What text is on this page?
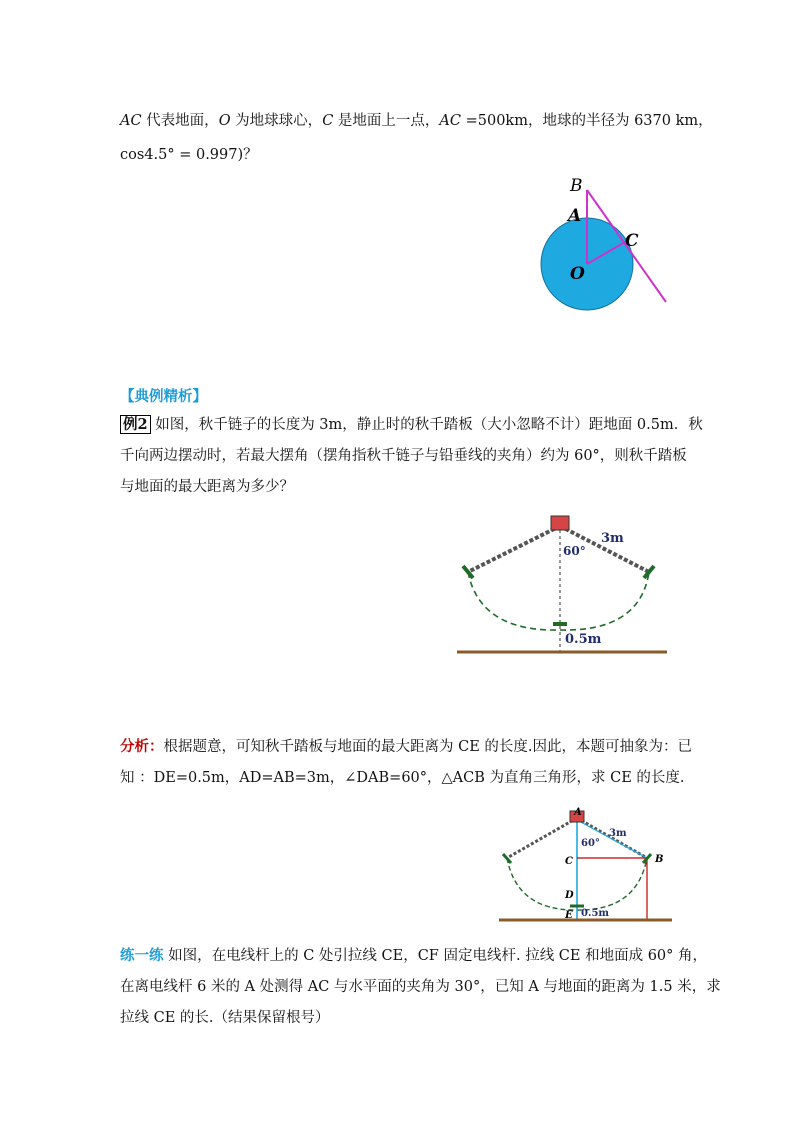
AC 代表地面，O 为地球球心，C 是地面上一点，AC =500km，地球的半径为 6370 km，
cos4.5° = 0.997)？
B
A
C
O
【典例精析】
例2 如图，秋千链子的长度为 3m，静止时的秋千踏板（大小忽略不计）距地面 0.5m．秋
千向两边摆动时，若最大摆角（摆角指秋千链子与铅垂线的夹角）约为 60°，则秋千踏板
与地面的最大距离为多少？
3m
60°
0.5m
分析：根据题意，可知秋千踏板与地面的最大距离为 CE 的长度.因此，本题可抽象为：已
知 ：DE=0.5m，AD=AB=3m，∠DAB=60°，△ACB 为直角三角形，求 CE 的长度.
A
B
C
D
E
3m
60°
0.5m
练一练 如图，在电线杆上的 C 处引拉线 CE，CF 固定电线杆. 拉线 CE 和地面成 60° 角，
在离电线杆 6 米的 A 处测得 AC 与水平面的夹角为 30°，已知 A 与地面的距离为 1.5 米，求
拉线 CE 的长.（结果保留根号）
